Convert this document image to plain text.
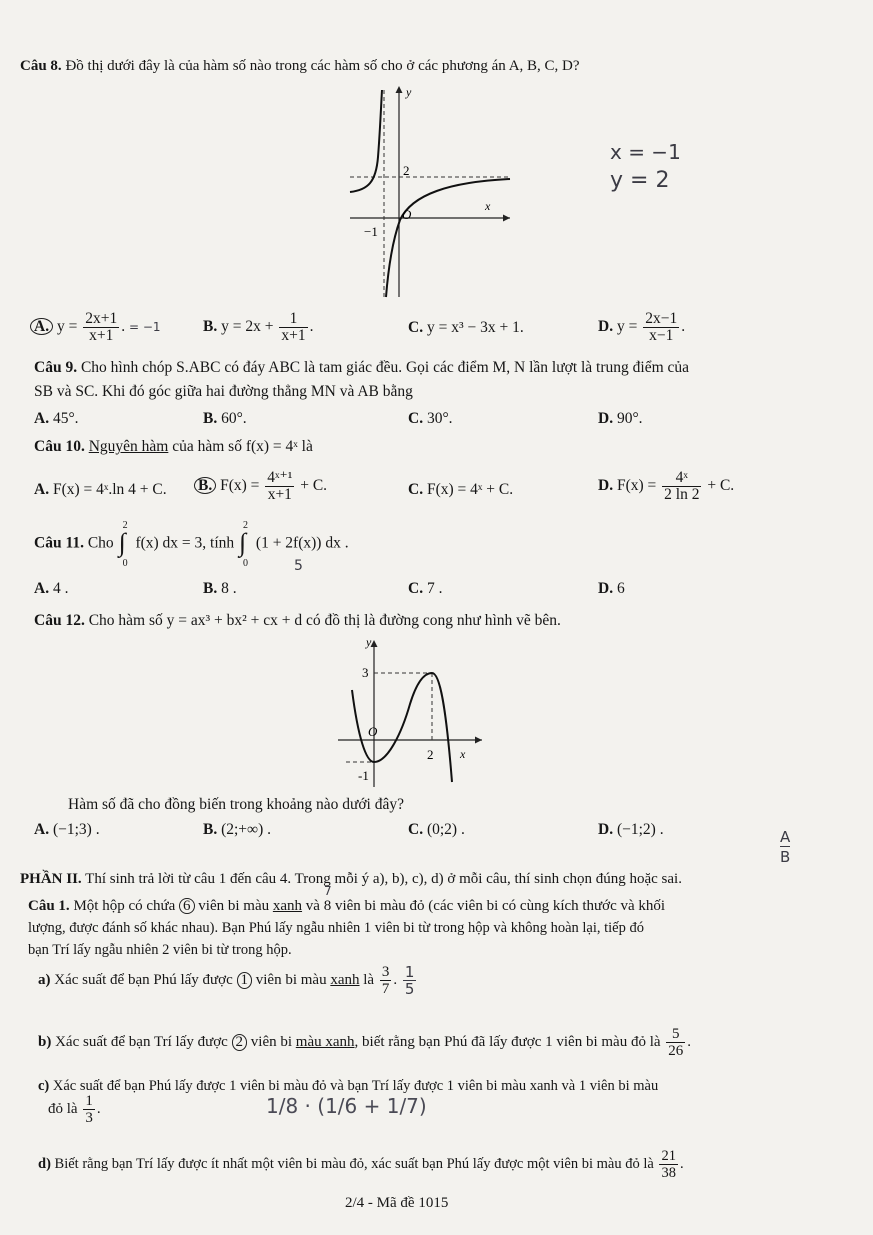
Câu 8. Đồ thị dưới đây là của hàm số nào trong các hàm số cho ở các phương án A, B, C, D?
y
x
O
2
−1
x = −1
y = 2
A. $y = \frac{2x+1}{x+1}$ . = −1	B. $y = 2x + \frac{1}{x+1}$ .	C. y = x³ − 3x + 1.	D. $y = \frac{2x-1}{x-1}$ .
Câu 9. Cho hình chóp S.ABC có đáy ABC là tam giác đều. Gọi các điểm M, N lần lượt là trung điểm của
SB và SC. Khi đó góc giữa hai đường thẳng MN và AB bằng
A. 45°.	B. 60°.	C. 30°.	D. 90°.
Câu 10. Nguyên hàm của hàm số f(x) = 4ˣ là
A. F(x) = 4ˣ.ln 4 + C. B. $F(x) = \frac{\text{4ˣ⁺¹}}{x+1} + C$.	C. F(x) = 4ˣ + C.	D. $F(x) = \frac{\text{4ˣ}}{2 \ln 2} + C$.
Câu 11. Cho
2
∫
0
f(x) dx = 3, tính
2
∫
0
(1 + 2f(x)) dx .
5
A. 4 .	B. 8 .	C. 7 .	D. 6
Câu 12. Cho hàm số y = ax³ + bx² + cx + d có đồ thị là đường cong như hình vẽ bên.
y
x
O
3
-1
2
Hàm số đã cho đồng biến trong khoảng nào dưới đây?
A. (−1;3) .	B. (2;+∞) .	C. (0;2) .	D. (−1;2) .	$\frac{A}{B}$
PHẦN II. Thí sinh trả lời từ câu 1 đến câu 4. Trong mỗi ý a), b), c), d) ở mỗi câu, thí sinh chọn đúng hoặc sai.
Câu 1. Một hộp có chứa 6 viên bi màu xanh và 8 viên bi màu đỏ (các viên bi có cùng kích thước và khối
7
lượng, được đánh số khác nhau). Bạn Phú lấy ngẫu nhiên 1 viên bi từ trong hộp và không hoàn lại, tiếp đó
bạn Trí lấy ngẫu nhiên 2 viên bi từ trong hộp.
a) Xác suất để bạn Phú lấy được 1 viên bi màu xanh là $\frac{3}{7}$ . $\frac{1}{5}$
b) Xác suất để bạn Trí lấy được 2 viên bi màu xanh, biết rằng bạn Phú đã lấy được 1 viên bi màu đỏ là $\frac{5}{26}$ .
c) Xác suất để bạn Phú lấy được 1 viên bi màu đỏ và bạn Trí lấy được 1 viên bi màu xanh và 1 viên bi màu
đỏ là $\frac{1}{3}$ .	1/8 · (1/6 + 1/7)
d) Biết rằng bạn Trí lấy được ít nhất một viên bi màu đỏ, xác suất bạn Phú lấy được một viên bi màu đỏ là $\frac{21}{38}$ .
2/4 - Mã đề 1015
